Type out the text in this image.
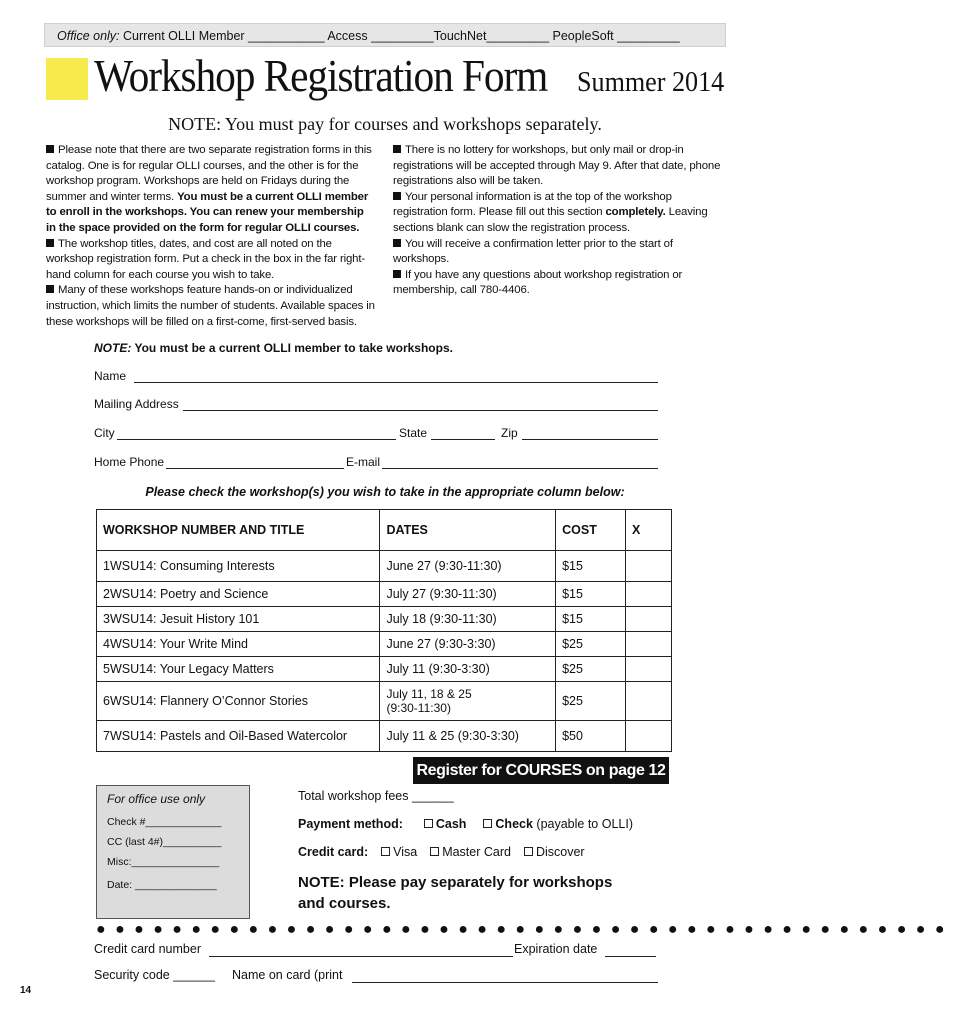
Office only: Current OLLI Member ___________ Access _________TouchNet_________ PeopleSoft _________
Workshop Registration Form Summer 2014
NOTE: You must pay for courses and workshops separately.

Please note that there are two separate registration forms in this catalog. One is for regular OLLI courses, and the other is for the workshop program. Workshops are held on Fridays during the summer and winter terms. You must be a current OLLI member to enroll in the workshops. You can renew your membership in the space provided on the form for regular OLLI courses.

The workshop titles, dates, and cost are all noted on the workshop registration form. Put a check in the box in the far right-hand column for each course you wish to take.

Many of these workshops feature hands-on or individualized instruction, which limits the number of students. Available spaces in these workshops will be filled on a first-come, first-served basis.

There is no lottery for workshops, but only mail or drop-in registrations will be accepted through May 9. After that date, phone registrations also will be taken.

Your personal information is at the top of the workshop registration form. Please fill out this section completely. Leaving sections blank can slow the registration process.

You will receive a confirmation letter prior to the start of workshops.

If you have any questions about workshop registration or membership, call 780-4406.

NOTE: You must be a current OLLI member to take workshops.
Name
Mailing Address
City	State	Zip
Home Phone	E-mail
Please check the workshop(s) you wish to take in the appropriate column below:
WORKSHOP NUMBER AND TITLE	DATES	COST	X
1WSU14: Consuming Interests	June 27 (9:30-11:30)	$15	
2WSU14: Poetry and Science	July 27 (9:30-11:30)	$15	
3WSU14: Jesuit History 101	July 18 (9:30-11:30)	$15	
4WSU14: Your Write Mind	June 27 (9:30-3:30)	$25	
5WSU14: Your Legacy Matters	July 11 (9:30-3:30)	$25	
6WSU14: Flannery O’Connor Stories	July 11, 18 & 25
(9:30-11:30)	$25	
7WSU14: Pastels and Oil-Based Watercolor	July 11 & 25 (9:30-3:30)	$50	
Register for COURSES on page 12
For office use only
Check #_____________
CC (last 4#)__________
Misc:_______________
Date: ______________
Total workshop fees ______
Payment method:	Cash Check (payable to OLLI)
Credit card: Visa Master Card Discover
NOTE: Please pay separately for workshops
and courses.
●●●●●●●●●●●●●●●●●●●●●●●●●●●●●●●●●●●●●●●●●●●●●
Credit card number	Expiration date
Security code ______ Name on card (print
14
